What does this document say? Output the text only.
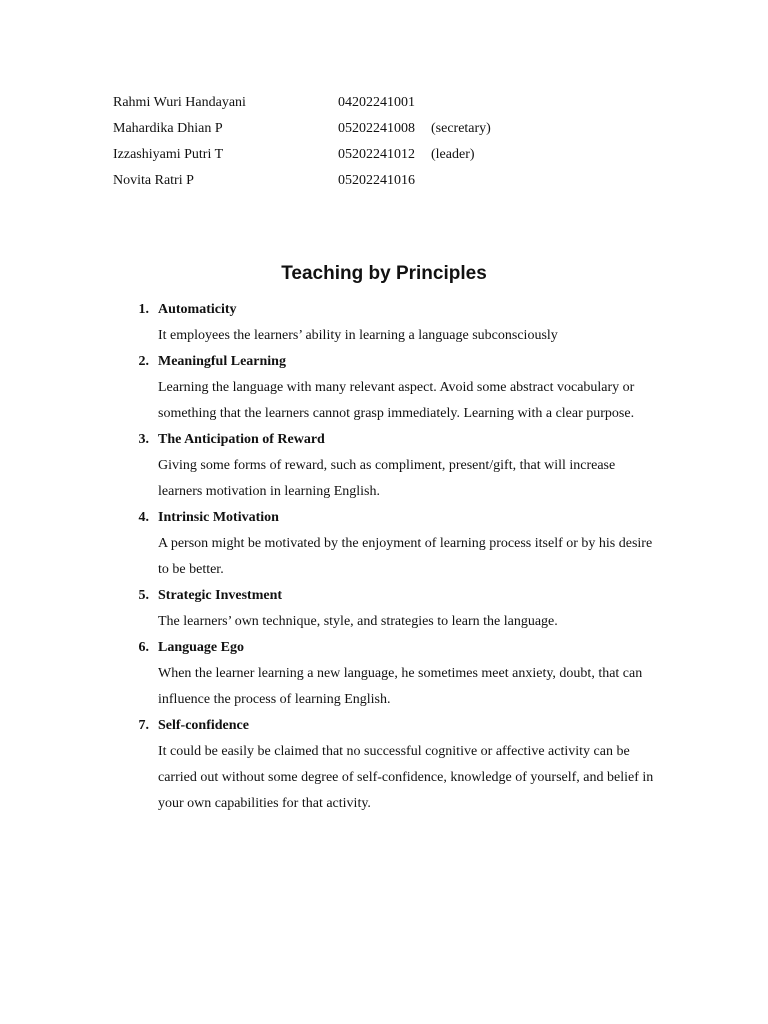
Rahmi Wuri Handayani	04202241001
Mahardika Dhian P	05202241008	(secretary)
Izzashiyami Putri T	05202241012	(leader)
Novita Ratri P	05202241016
Teaching by Principles
1. Automaticity
It employees the learners’ ability in learning a language subconsciously
2. Meaningful Learning
Learning the language with many relevant aspect. Avoid some abstract vocabulary or something that the learners cannot grasp immediately. Learning with a clear purpose.
3. The Anticipation of Reward
Giving some forms of reward, such as compliment, present/gift, that will increase learners motivation in learning English.
4. Intrinsic Motivation
A person might be motivated by the enjoyment of learning process itself or by his desire to be better.
5. Strategic Investment
The learners’ own technique, style, and strategies to learn the language.
6. Language Ego
When the learner learning a new language, he sometimes meet anxiety, doubt, that can influence the process of learning English.
7. Self-confidence
It could be easily be claimed that no successful cognitive or affective activity can be carried out without some degree of self-confidence, knowledge of yourself, and belief in your own capabilities for that activity.
